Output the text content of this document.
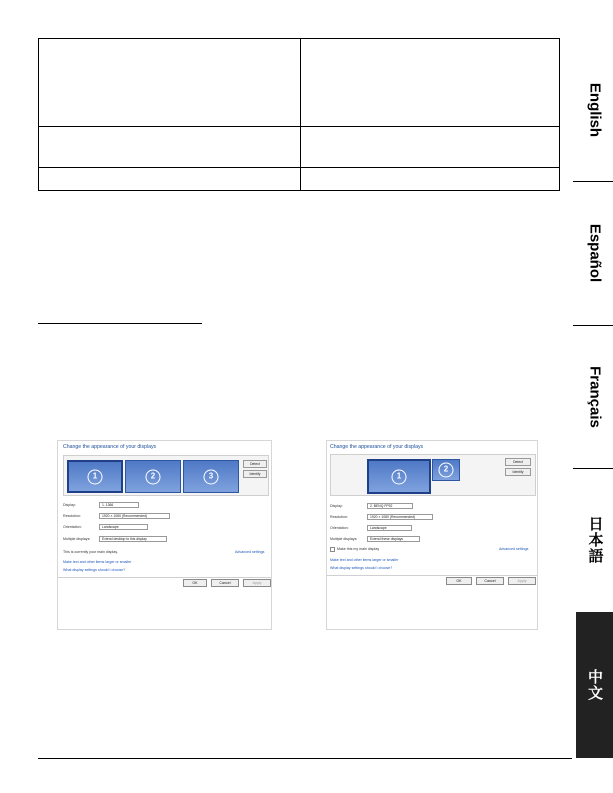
English
Español
Français
日本語
中文
Change the appearance of your displays
1	2	3
Detect
Identify
Display:	1. 1366
Resolution:	1920 × 1080 (Recommended)
Orientation:	Landscape
Multiple displays:	Extend desktop to this display
This is currently your main display.	Advanced settings
Make text and other items larger or smaller
What display settings should I choose?
OK	Cancel	Apply
Change the appearance of your displays
1
2
Detect
Identify
Display:	2. BENQ FP92
Resolution:	1920 × 1080 (Recommended)
Orientation:	Landscape
Multiple displays:	Extend these displays
Make this my main display	Advanced settings
Make text and other items larger or smaller
What display settings should I choose?
OK	Cancel	Apply
